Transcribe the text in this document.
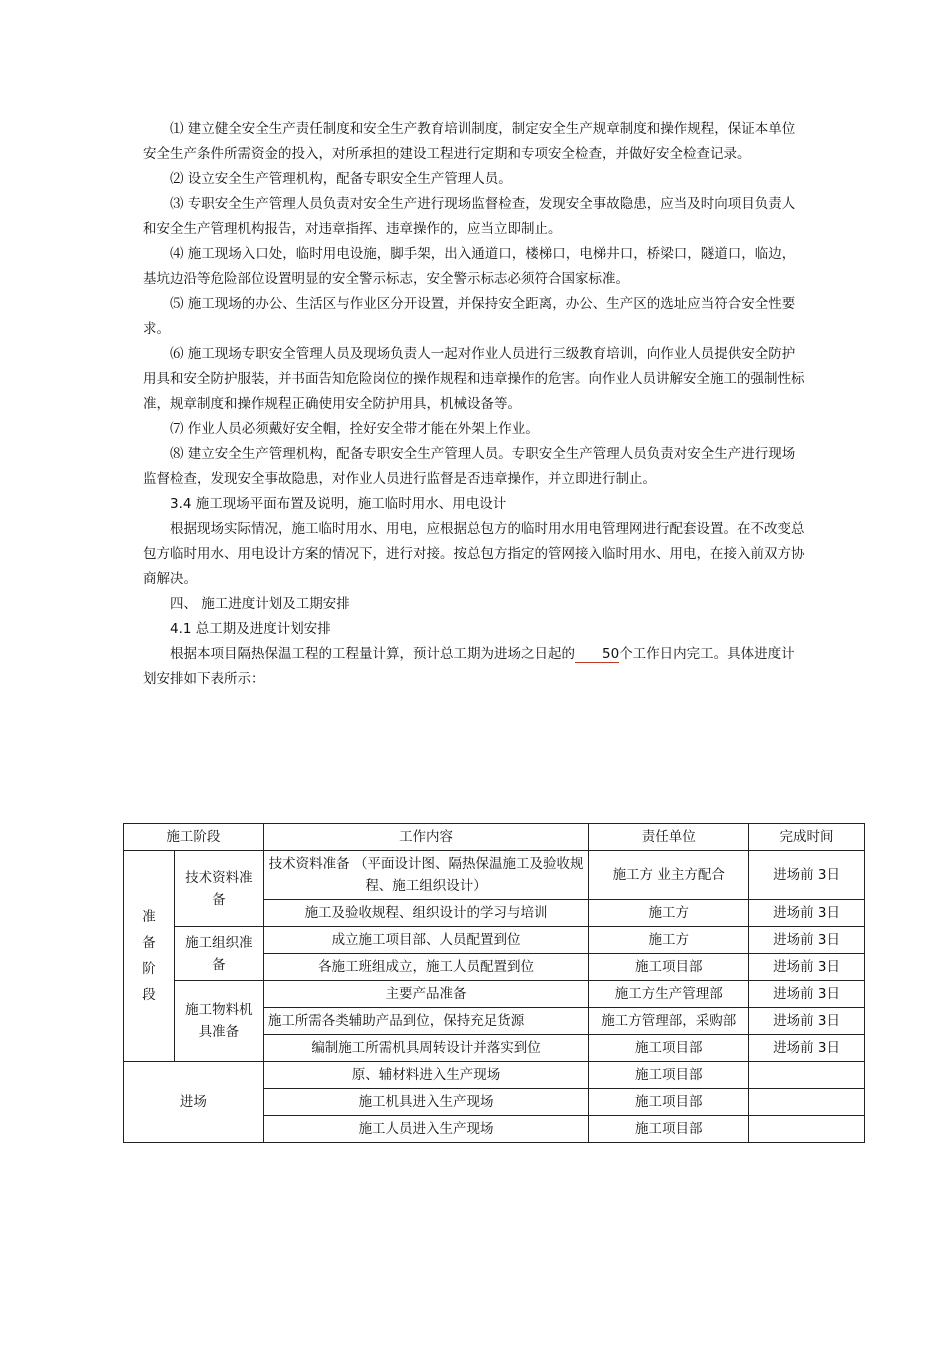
⑴ 建立健全安全生产责任制度和安全生产教育培训制度，制定安全生产规章制度和操作规程，保证本单位安全生产条件所需资金的投入，对所承担的建设工程进行定期和专项安全检查，并做好安全检查记录。

⑵ 设立安全生产管理机构，配备专职安全生产管理人员。

⑶ 专职安全生产管理人员负责对安全生产进行现场监督检查，发现安全事故隐患，应当及时向项目负责人和安全生产管理机构报告，对违章指挥、违章操作的，应当立即制止。

⑷ 施工现场入口处，临时用电设施，脚手架，出入通道口，楼梯口，电梯井口，桥梁口，隧道口，临边，基坑边沿等危险部位设置明显的安全警示标志，安全警示标志必须符合国家标准。

⑸ 施工现场的办公、生活区与作业区分开设置，并保持安全距离，办公、生产区的选址应当符合安全性要求。

⑹ 施工现场专职安全管理人员及现场负责人一起对作业人员进行三级教育培训，向作业人员提供安全防护用具和安全防护服装，并书面告知危险岗位的操作规程和违章操作的危害。向作业人员讲解安全施工的强制性标准，规章制度和操作规程正确使用安全防护用具，机械设备等。

⑺ 作业人员必须戴好安全帽，拴好安全带才能在外架上作业。

⑻ 建立安全生产管理机构，配备专职安全生产管理人员。专职安全生产管理人员负责对安全生产进行现场监督检查，发现安全事故隐患，对作业人员进行监督是否违章操作，并立即进行制止。

3.4 施工现场平面布置及说明，施工临时用水、用电设计

根据现场实际情况，施工临时用水、用电，应根据总包方的临时用水用电管理网进行配套设置。在不改变总包方临时用水、用电设计方案的情况下，进行对接。按总包方指定的管网接入临时用水、用电，在接入前双方协商解决。

四、 施工进度计划及工期安排

4.1 总工期及进度计划安排

根据本项目隔热保温工程的工程量计算，预计总工期为进场之日起的 50个工作日内完工。具体进度计划安排如下表所示：

施工阶段		工作内容	责任单位	完成时间
准备阶段	技术资料准备	技术资料准备 （平面设计图、隔热保温施工及验收规程、施工组织设计）	施工方 业主方配合	进场前 3日
		施工及验收规程、组织设计的学习与培训	施工方	进场前 3日
	施工组织准备	成立施工项目部、人员配置到位	施工方	进场前 3日
		各施工班组成立，施工人员配置到位	施工项目部	进场前 3日
	施工物料机具准备	主要产品准备	施工方生产管理部	进场前 3日
		施工所需各类辅助产品到位，保持充足货源	施工方管理部，采购部	进场前 3日
		编制施工所需机具周转设计并落实到位	施工项目部	进场前 3日
进场		原、辅材料进入生产现场	施工项目部	
		施工机具进入生产现场	施工项目部	
		施工人员进入生产现场	施工项目部	
